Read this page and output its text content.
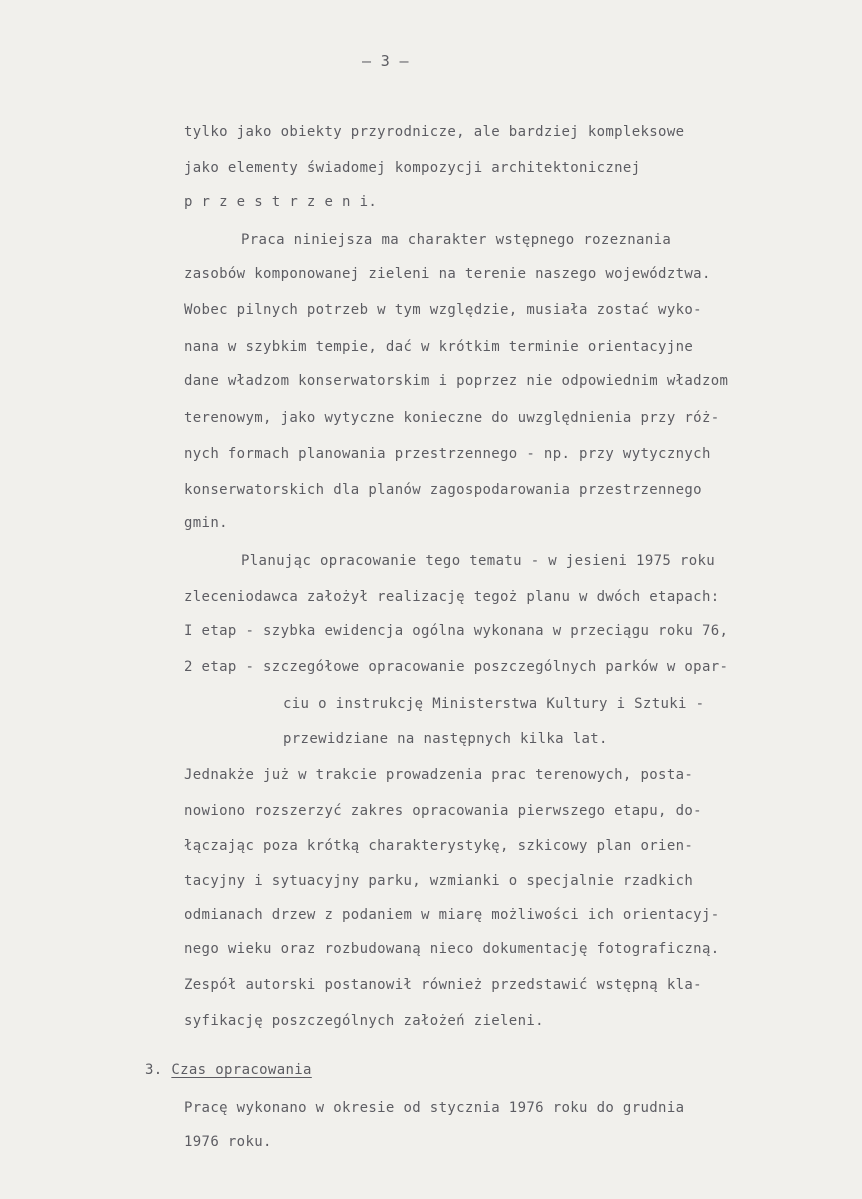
— 3 —
tylko jako obiekty przyrodnicze, ale bardziej kompleksowe
jako elementy świadomej kompozycji architektonicznej
p r z e s t r z e n i.
Praca niniejsza ma charakter wstępnego rozeznania
zasobów komponowanej zieleni na terenie naszego województwa.
Wobec pilnych potrzeb w tym względzie, musiała zostać wyko-
nana w szybkim tempie, dać w krótkim terminie orientacyjne
dane władzom konserwatorskim i poprzez nie odpowiednim władzom
terenowym, jako wytyczne konieczne do uwzględnienia przy róż-
nych formach planowania przestrzennego - np. przy wytycznych
konserwatorskich dla planów zagospodarowania przestrzennego
gmin.
Planując opracowanie tego tematu - w jesieni 1975 roku
zleceniodawca założył realizację tegoż planu w dwóch etapach:
I etap - szybka ewidencja ogólna wykonana w przeciągu roku 76,
2 etap - szczegółowe opracowanie poszczególnych parków w opar-
ciu o instrukcję Ministerstwa Kultury i Sztuki -
przewidziane na następnych kilka lat.
Jednakże już w trakcie prowadzenia prac terenowych, posta-
nowiono rozszerzyć zakres opracowania pierwszego etapu, do-
łączając poza krótką charakterystykę, szkicowy plan orien-
tacyjny i sytuacyjny parku, wzmianki o specjalnie rzadkich
odmianach drzew z podaniem w miarę możliwości ich orientacyj-
nego wieku oraz rozbudowaną nieco dokumentację fotograficzną.
Zespół autorski postanowił również przedstawić wstępną kla-
syfikację poszczególnych założeń zieleni.
3. Czas opracowania
Pracę wykonano w okresie od stycznia 1976 roku do grudnia
1976 roku.
